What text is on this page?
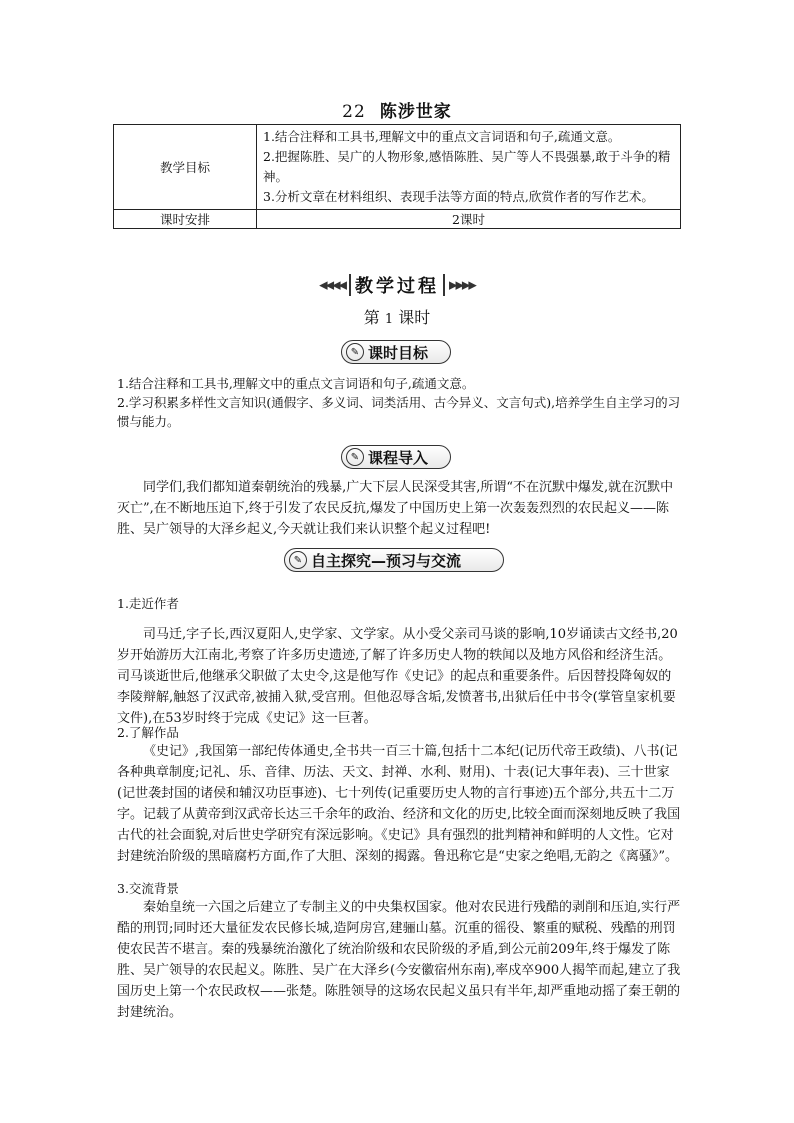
22 陈涉世家
教学目标	1.结合注释和工具书,理解文中的重点文言词语和句子,疏通文意。
2.把握陈胜、吴广的人物形象,感悟陈胜、吴广等人不畏强暴,敢于斗争的精神。
3.分析文章在材料组织、表现手法等方面的特点,欣赏作者的写作艺术。

课时安排	2课时
◀◀◀◀ 教学过程 ▶▶▶▶
第 1 课时
✎ 课时目标
1.结合注释和工具书,理解文中的重点文言词语和句子,疏通文意。
2.学习积累多样性文言知识(通假字、多义词、词类活用、古今异义、文言句式),培养学生自主学习的习惯与能力。
✎ 课程导入
同学们,我们都知道秦朝统治的残暴,广大下层人民深受其害,所谓“不在沉默中爆发,就在沉默中灭亡”,在不断地压迫下,终于引发了农民反抗,爆发了中国历史上第一次轰轰烈烈的农民起义——陈胜、吴广领导的大泽乡起义,今天就让我们来认识整个起义过程吧!
✎ 自主探究—预习与交流
1.走近作者
司马迁,字子长,西汉夏阳人,史学家、文学家。从小受父亲司马谈的影响,10岁诵读古文经书,20岁开始游历大江南北,考察了许多历史遗迹,了解了许多历史人物的轶闻以及地方风俗和经济生活。司马谈逝世后,他继承父职做了太史令,这是他写作《史记》的起点和重要条件。后因替投降匈奴的李陵辩解,触怒了汉武帝,被捕入狱,受宫刑。但他忍辱含垢,发愤著书,出狱后任中书令(掌管皇家机要文件),在53岁时终于完成《史记》这一巨著。
2.了解作品
《史记》,我国第一部纪传体通史,全书共一百三十篇,包括十二本纪(记历代帝王政绩)、八书(记各种典章制度;记礼、乐、音律、历法、天文、封禅、水利、财用)、十表(记大事年表)、三十世家(记世袭封国的诸侯和辅汉功臣事迹)、七十列传(记重要历史人物的言行事迹)五个部分,共五十二万字。记载了从黄帝到汉武帝长达三千余年的政治、经济和文化的历史,比较全面而深刻地反映了我国古代的社会面貌,对后世史学研究有深远影响。《史记》具有强烈的批判精神和鲜明的人文性。它对封建统治阶级的黑暗腐朽方面,作了大胆、深刻的揭露。鲁迅称它是“史家之绝唱,无韵之《离骚》”。
3.交流背景
秦始皇统一六国之后建立了专制主义的中央集权国家。他对农民进行残酷的剥削和压迫,实行严酷的刑罚;同时还大量征发农民修长城,造阿房宫,建骊山墓。沉重的徭役、繁重的赋税、残酷的刑罚使农民苦不堪言。秦的残暴统治激化了统治阶级和农民阶级的矛盾,到公元前209年,终于爆发了陈胜、吴广领导的农民起义。陈胜、吴广在大泽乡(今安徽宿州东南),率戍卒900人揭竿而起,建立了我国历史上第一个农民政权——张楚。陈胜领导的这场农民起义虽只有半年,却严重地动摇了秦王朝的封建统治。
